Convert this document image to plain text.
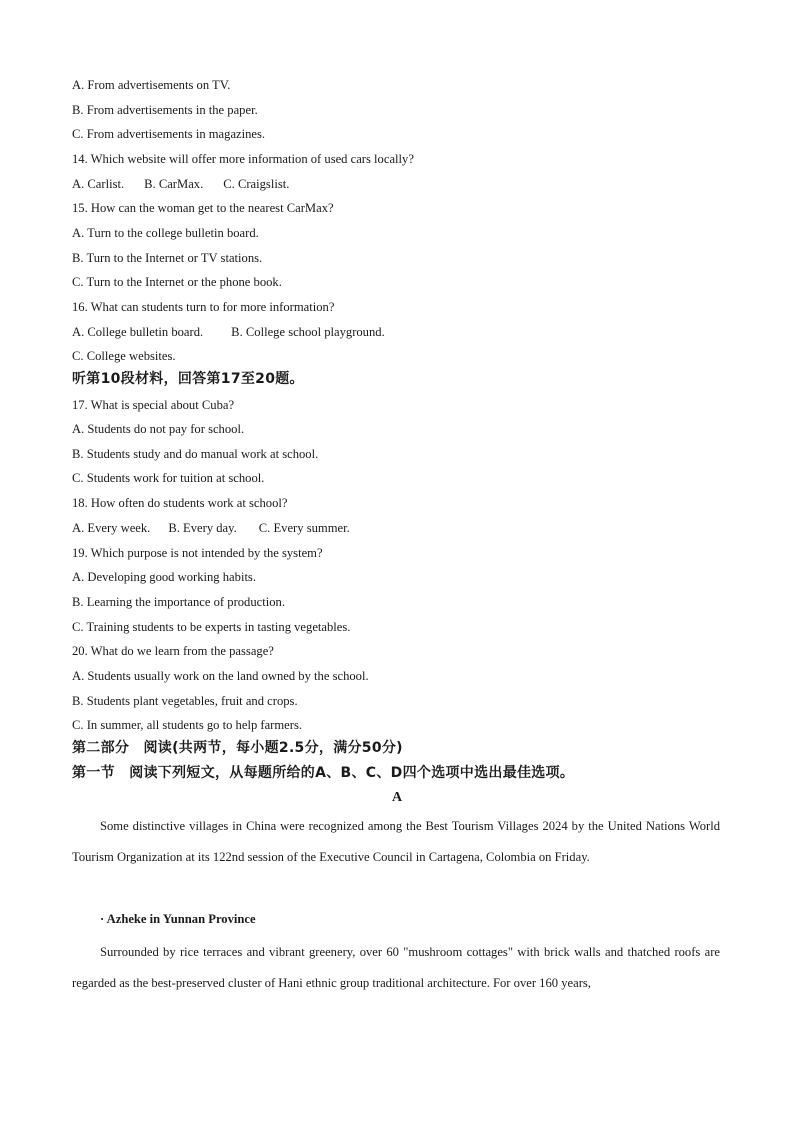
A. From advertisements on TV.
B. From advertisements in the paper.
C. From advertisements in magazines.
14. Which website will offer more information of used cars locally?
A. Carlist. B. CarMax. C. Craigslist.
15. How can the woman get to the nearest CarMax?
A. Turn to the college bulletin board.
B. Turn to the Internet or TV stations.
C. Turn to the Internet or the phone book.
16. What can students turn to for more information?
A. College bulletin board. B. College school playground.
C. College websites.
听第10段材料，回答第17至20题。
17. What is special about Cuba?
A. Students do not pay for school.
B. Students study and do manual work at school.
C. Students work for tuition at school.
18. How often do students work at school?
A. Every week. B. Every day. C. Every summer.
19. Which purpose is not intended by the system?
A. Developing good working habits.
B. Learning the importance of production.
C. Training students to be experts in tasting vegetables.
20. What do we learn from the passage?
A. Students usually work on the land owned by the school.
B. Students plant vegetables, fruit and crops.
C. In summer, all students go to help farmers.
第二部分　阅读(共两节，每小题2.5分，满分50分)
第一节　阅读下列短文，从每题所给的A、B、C、D四个选项中选出最佳选项。
A
Some distinctive villages in China were recognized among the Best Tourism Villages 2024 by the United Nations World Tourism Organization at its 122nd session of the Executive Council in Cartagena, Colombia on Friday.
· Azheke in Yunnan Province
Surrounded by rice terraces and vibrant greenery, over 60 "mushroom cottages" with brick walls and thatched roofs are regarded as the best-preserved cluster of Hani ethnic group traditional architecture. For over 160 years,
